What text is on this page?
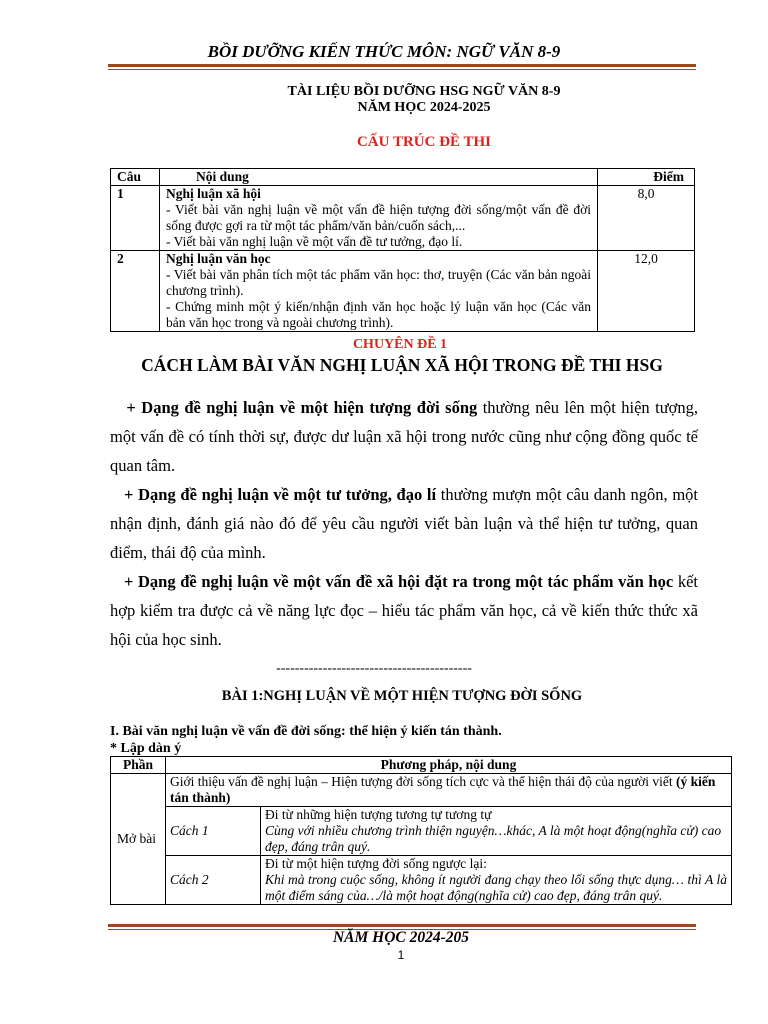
BỒI DƯỠNG KIẾN THỨC MÔN: NGỮ VĂN 8-9
TÀI LIỆU BỒI DƯỠNG HSG NGỮ VĂN 8-9
NĂM HỌC 2024-2025
CẤU TRÚC ĐỀ THI
Câu	Nội dung	Điểm
1	Nghị luận xã hội
- Viết bài văn nghị luận về một vấn đề hiện tượng đời sống/một vấn đề đời sống được gợi ra từ một tác phẩm/văn bản/cuốn sách,...
- Viết bài văn nghị luận về một vấn đề tư tưởng, đạo lí.	8,0
2	Nghị luận văn học
- Viết bài văn phân tích một tác phẩm văn học: thơ, truyện (Các văn bản ngoài chương trình).
- Chứng minh một ý kiến/nhận định văn học hoặc lý luận văn học (Các văn bản văn học trong và ngoài chương trình).	12,0
CHUYÊN ĐỀ 1
CÁCH LÀM BÀI VĂN NGHỊ LUẬN XÃ HỘI TRONG ĐỀ THI HSG
+ Dạng đề nghị luận về một hiện tượng đời sống thường nêu lên một hiện tượng, một vấn đề có tính thời sự, được dư luận xã hội trong nước cũng như cộng đồng quốc tế quan tâm.
+ Dạng đề nghị luận về một tư tưởng, đạo lí thường mượn một câu danh ngôn, một nhận định, đánh giá nào đó để yêu cầu người viết bàn luận và thể hiện tư tưởng, quan điểm, thái độ của mình.
+ Dạng đề nghị luận về một vấn đề xã hội đặt ra trong một tác phẩm văn học kết hợp kiểm tra được cả về năng lực đọc – hiểu tác phẩm văn học, cả về kiến thức thức xã hội của học sinh.
------------------------------------------
BÀI 1:NGHỊ LUẬN VỀ MỘT HIỆN TƯỢNG ĐỜI SỐNG
I. Bài văn nghị luận về vấn đề đời sống: thể hiện ý kiến tán thành.
* Lập dàn ý
Phần	Phương pháp, nội dung	
Mở bài	Giới thiệu vấn đề nghị luận – Hiện tượng đời sống tích cực và thể hiện thái độ của người viết (ý kiến tán thành)	
	Cách 1	Đi từ những hiện tượng tương tự tương tự
Cùng với nhiều chương trình thiện nguyện…khác, A là một hoạt động(nghĩa cử) cao đẹp, đáng trân quý.

	Cách 2	Đi từ một hiện tượng đời sống ngược lại:
Khi mà trong cuộc sống, không ít người đang chạy theo lối sống thực dụng… thì A là một điểm sáng của…/là một hoạt động(nghĩa cử) cao đẹp, đáng trân quý.
NĂM HỌC 2024-205
1
